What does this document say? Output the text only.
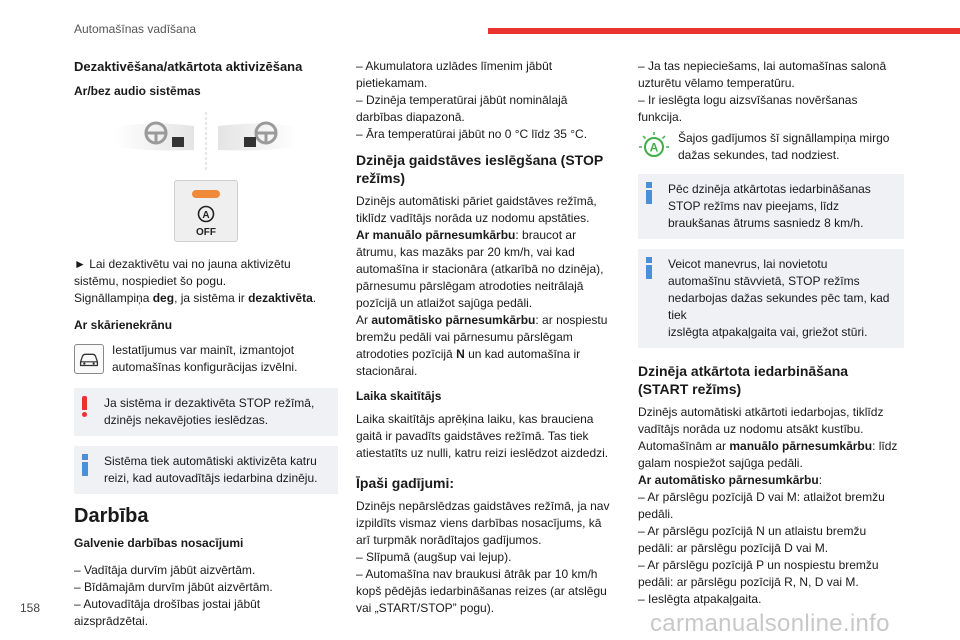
Automašīnas vadīšana
Dezaktivēšana/atkārtota aktivizēšana
Ar/bez audio sistēmas
A
OFF

► Lai dezaktivētu vai no jauna aktivizētu
sistēmu, nospiediet šo pogu.
Signāllampiņa deg, ja sistēma ir dezaktivēta.

Ar skārienekrānu
Iestatījumus var mainīt, izmantojot
automašīnas konfigurācijas izvēlni.
Ja sistēma ir dezaktivēta STOP režīmā,
dzinējs nekavējoties ieslēdzas.
Sistēma tiek automātiski aktivizēta katru
reizi, kad autovadītājs iedarbina dzinēju.
Darbība
Galvenie darbības nosacījumi

– Vadītāja durvīm jābūt aizvērtām.
– Bīdāmajām durvīm jābūt aizvērtām.
– Autovadītāja drošības jostai jābūt
aizsprādzētai.

– Akumulatora uzlādes līmenim jābūt
pietiekamam.
– Dzinēja temperatūrai jābūt nominālajā
darbības diapazonā.
– Āra temperatūrai jābūt no 0 °C līdz 35 °C.

Dzinēja gaidstāves ieslēgšana (STOP
režīms)

Dzinējs automātiski pāriet gaidstāves režīmā,
tiklīdz vadītājs norāda uz nodomu apstāties.
Ar manuālo pārnesumkārbu: braucot ar
ātrumu, kas mazāks par 20 km/h, vai kad
automašīna ir stacionāra (atkarībā no dzinēja),
pārnesumu pārslēgam atrodoties neitrālajā
pozīcijā un atlaižot sajūga pedāli.
Ar automātisko pārnesumkārbu: ar nospiestu
bremžu pedāli vai pārnesumu pārslēgam
atrodoties pozīcijā N un kad automašīna ir
stacionārai.

Laika skaitītājs

Laika skaitītājs aprēķina laiku, kas brauciena
gaitā ir pavadīts gaidstāves režīmā. Tas tiek
atiestatīts uz nulli, katru reizi ieslēdzot aizdedzi.

Īpaši gadījumi:

Dzinējs nepārslēdzas gaidstāves režīmā, ja nav
izpildīts vismaz viens darbības nosacījums, kā
arī turpmāk norādītajos gadījumos.
– Slīpumā (augšup vai lejup).
– Automašīna nav braukusi ātrāk par 10 km/h
kopš pēdējās iedarbināšanas reizes (ar atslēgu
vai „START/STOP” pogu).

– Ja tas nepieciešams, lai automašīnas salonā
uzturētu vēlamo temperatūru.
– Ir ieslēgta logu aizsvīšanas novēršanas
funkcija.

A
Šajos gadījumos šī signāllampiņa mirgo
dažas sekundes, tad nodziest.
Pēc dzinēja atkārtotas iedarbināšanas
STOP režīms nav pieejams, līdz
braukšanas ātrums sasniedz 8 km/h.
Veicot manevrus, lai novietotu
automašīnu stāvvietā, STOP režīms
nedarbojas dažas sekundes pēc tam, kad tiek
izslēgta atpakaļgaita vai, griežot stūri.
Dzinēja atkārtota iedarbināšana
(START režīms)

Dzinējs automātiski atkārtoti iedarbojas, tiklīdz
vadītājs norāda uz nodomu atsākt kustību.
Automašīnām ar manuālo pārnesumkārbu: līdz
galam nospiežot sajūga pedāli.
Ar automātisko pārnesumkārbu:
– Ar pārslēgu pozīcijā D vai M: atlaižot bremžu
pedāli.
– Ar pārslēgu pozīcijā N un atlaistu bremžu
pedāli: ar pārslēgu pozīcijā D vai M.
– Ar pārslēgu pozīcijā P un nospiestu bremžu
pedāli: ar pārslēgu pozīcijā R, N, D vai M.
– Ieslēgta atpakaļgaita.

158
carmanualsonline.info
